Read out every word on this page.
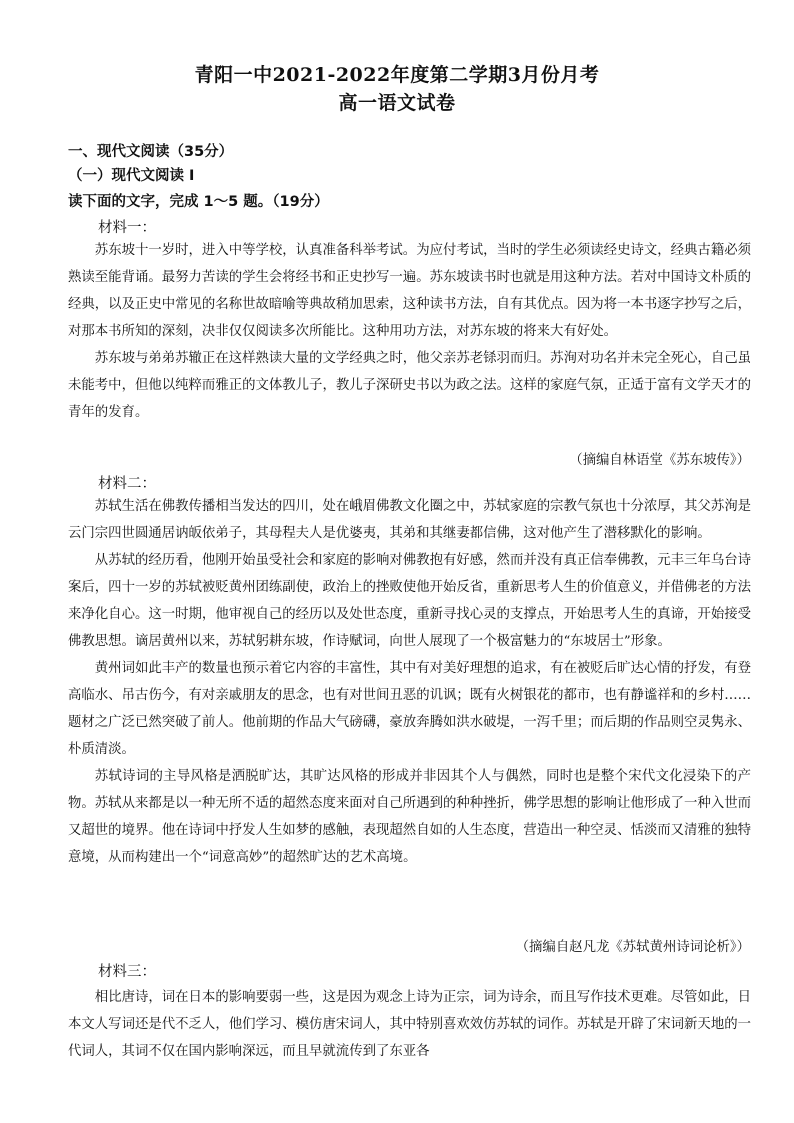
青阳一中2021-2022年度第二学期3月份月考
高一语文试卷
一、现代文阅读（35分）
（一）现代文阅读 I
读下面的文字，完成 1～5 题。（19分）
材料一：

苏东坡十一岁时，进入中等学校，认真准备科举考试。为应付考试，当时的学生必须读经史诗文，经典古籍必须熟读至能背诵。最努力苦读的学生会将经书和正史抄写一遍。苏东坡读书时也就是用这种方法。若对中国诗文朴质的经典，以及正史中常见的名称世故暗喻等典故稍加思索，这种读书方法，自有其优点。因为将一本书逐字抄写之后，对那本书所知的深刻，决非仅仅阅读多次所能比。这种用功方法，对苏东坡的将来大有好处。

苏东坡与弟弟苏辙正在这样熟读大量的文学经典之时，他父亲苏老铩羽而归。苏洵对功名并未完全死心，自己虽未能考中，但他以纯粹而雅正的文体教儿子，教儿子深研史书以为政之法。这样的家庭气氛，正适于富有文学天才的青年的发育。

（摘编自林语堂《苏东坡传》）
材料二：

苏轼生活在佛教传播相当发达的四川，处在峨眉佛教文化圈之中，苏轼家庭的宗教气氛也十分浓厚，其父苏洵是云门宗四世圆通居讷皈依弟子，其母程夫人是优婆夷，其弟和其继妻都信佛，这对他产生了潜移默化的影响。

从苏轼的经历看，他刚开始虽受社会和家庭的影响对佛教抱有好感，然而并没有真正信奉佛教，元丰三年乌台诗案后，四十一岁的苏轼被贬黄州团练副使，政治上的挫败使他开始反省，重新思考人生的价值意义，并借佛老的方法来净化自心。这一时期，他审视自己的经历以及处世态度，重新寻找心灵的支撑点，开始思考人生的真谛，开始接受佛教思想。谪居黄州以来，苏轼躬耕东坡，作诗赋词，向世人展现了一个极富魅力的“东坡居士”形象。

黄州词如此丰产的数量也预示着它内容的丰富性，其中有对美好理想的追求，有在被贬后旷达心情的抒发，有登高临水、吊古伤今，有对亲戚朋友的思念，也有对世间丑恶的讥讽；既有火树银花的都市，也有静谧祥和的乡村……题材之广泛已然突破了前人。他前期的作品大气磅礴，豪放奔腾如洪水破堤，一泻千里；而后期的作品则空灵隽永、朴质清淡。

苏轼诗词的主导风格是洒脱旷达，其旷达风格的形成并非因其个人与偶然，同时也是整个宋代文化浸染下的产物。苏轼从来都是以一种无所不适的超然态度来面对自己所遇到的种种挫折，佛学思想的影响让他形成了一种入世而又超世的境界。他在诗词中抒发人生如梦的感触，表现超然自如的人生态度，营造出一种空灵、恬淡而又清雅的独特意境，从而构建出一个“词意高妙”的超然旷达的艺术高境。

（摘编自赵凡龙《苏轼黄州诗词论析》）
材料三：

相比唐诗，词在日本的影响要弱一些，这是因为观念上诗为正宗，词为诗余，而且写作技术更难。尽管如此，日本文人写词还是代不乏人，他们学习、模仿唐宋词人，其中特别喜欢效仿苏轼的词作。苏轼是开辟了宋词新天地的一代词人，其词不仅在国内影响深远，而且早就流传到了东亚各
